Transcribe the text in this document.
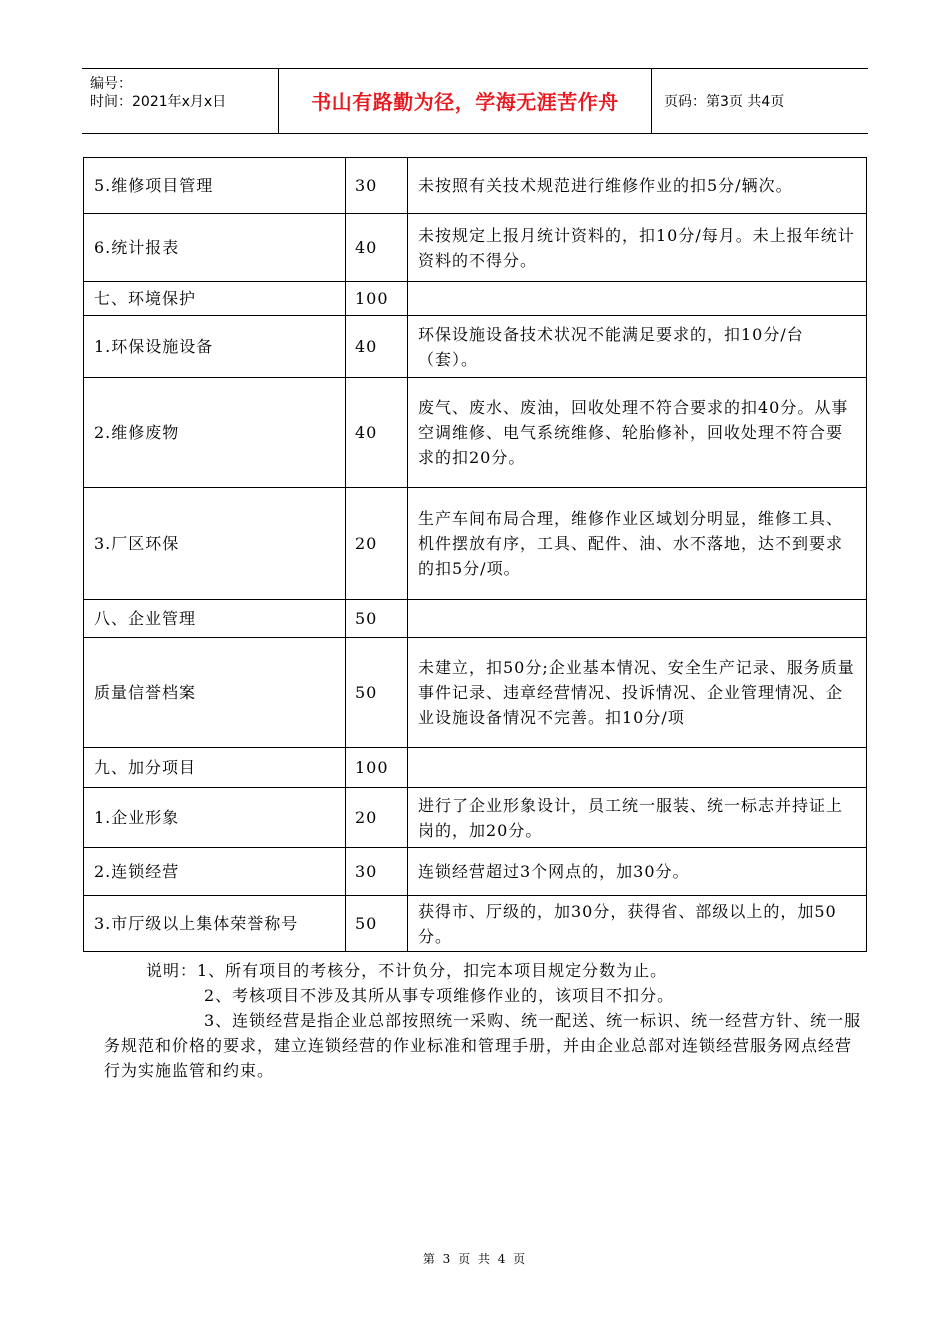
编号：
时间：2021年x月x日	书山有路勤为径，学海无涯苦作舟	页码：第3页 共4页
5.维修项目管理	30	未按照有关技术规范进行维修作业的扣5分/辆次。
6.统计报表	40	未按规定上报月统计资料的，扣10分/每月。未上报年统计资料的不得分。
七、环境保护	100	
1.环保设施设备	40	环保设施设备技术状况不能满足要求的，扣10分/台（套）。
2.维修废物	40	废气、废水、废油，回收处理不符合要求的扣40分。从事空调维修、电气系统维修、轮胎修补，回收处理不符合要求的扣20分。
3.厂区环保	20	生产车间布局合理，维修作业区域划分明显，维修工具、机件摆放有序，工具、配件、油、水不落地，达不到要求的扣5分/项。
八、企业管理	50	
质量信誉档案	50	未建立，扣50分;企业基本情况、安全生产记录、服务质量事件记录、违章经营情况、投诉情况、企业管理情况、企业设施设备情况不完善。扣10分/项
九、加分项目	100	
1.企业形象	20	进行了企业形象设计，员工统一服装、统一标志并持证上岗的，加20分。
2.连锁经营	30	连锁经营超过3个网点的，加30分。
3.市厅级以上集体荣誉称号	50	获得市、厅级的，加30分，获得省、部级以上的，加50分。
说明：1、所有项目的考核分，不计负分，扣完本项目规定分数为止。
2、考核项目不涉及其所从事专项维修作业的，该项目不扣分。
3、连锁经营是指企业总部按照统一采购、统一配送、统一标识、统一经营方针、统一服务规范和价格的要求，建立连锁经营的作业标准和管理手册，并由企业总部对连锁经营服务网点经营行为实施监管和约束。
第 3 页 共 4 页
